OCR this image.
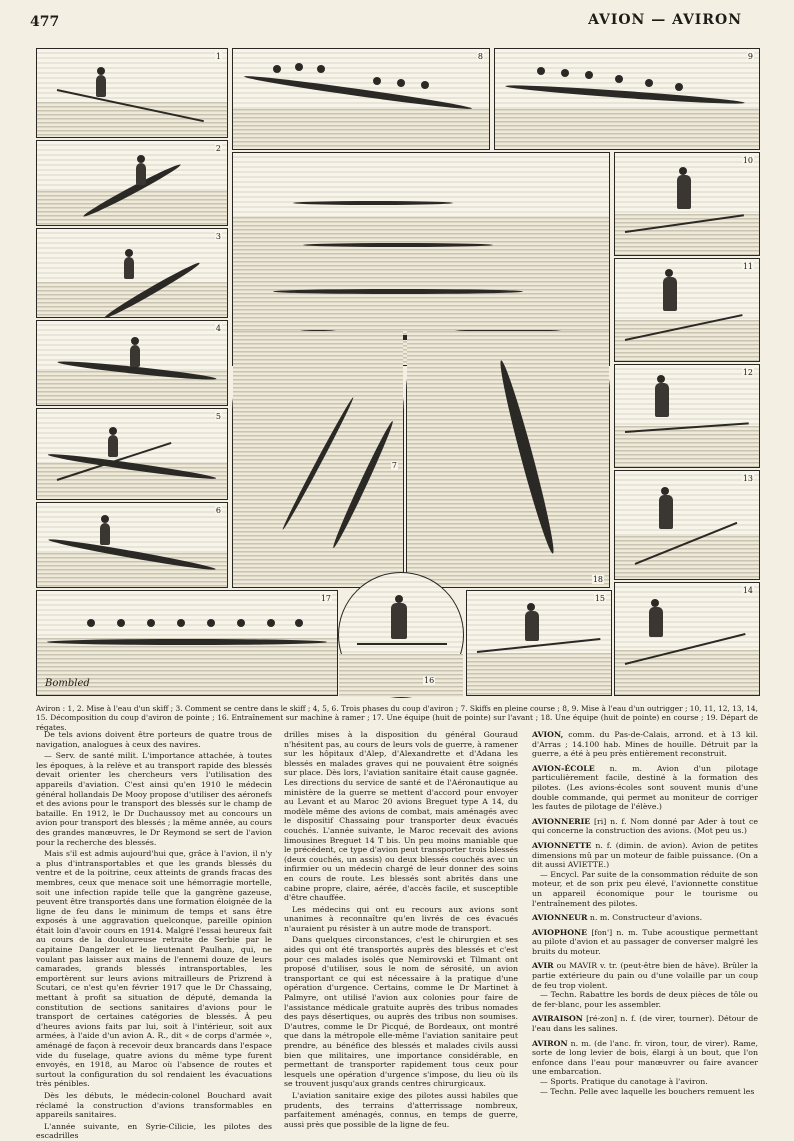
477	AVION — AVIRON
1
2
3
4
5
6
8	9
10
11
12
13
7
18
17
Bombled	16
15
14
Aviron : 1, 2. Mise à l'eau d'un skiff ; 3. Comment se centre dans le skiff ; 4, 5, 6. Trois phases du coup d'aviron ; 7. Skiffs en pleine course ; 8, 9. Mise à l'eau d'un outrigger ; 10, 11, 12, 13, 14, 15. Décomposition du coup d'aviron de pointe ; 16. Entraînement sur machine à ramer ; 17. Une équipe (huit de pointe) sur l'avant ; 18. Une équipe (huit de pointe) en course ; 19. Départ de régates.

De tels avions doivent être porteurs de quatre trous de navigation, analogues à ceux des navires.

— Serv. de santé milit. L'importance attachée, à toutes les époques, à la relève et au transport rapide des blessés devait orienter les chercheurs vers l'utilisation des appareils d'aviation. C'est ainsi qu'en 1910 le médecin général hollandais De Mooy propose d'utiliser des aéronefs et des avions pour le transport des blessés sur le champ de bataille. En 1912, le Dr Duchaussoy met au concours un avion pour transport des blessés ; la même année, au cours des grandes manœuvres, le Dr Reymond se sert de l'avion pour la recherche des blessés.

Mais s'il est admis aujourd'hui que, grâce à l'avion, il n'y a plus d'intransportables et que les grands blessés du ventre et de la poitrine, ceux atteints de grands fracas des membres, ceux que menace soit une hémorragie mortelle, soit une infection rapide telle que la gangrène gazeuse, peuvent être transportés dans une formation éloignée de la ligne de feu dans le minimum de temps et sans être exposés à une aggravation quelconque, pareille opinion était loin d'avoir cours en 1914. Malgré l'essai heureux fait au cours de la douloureuse retraite de Serbie par le capitaine Dangelzer et le lieutenant Paulhan, qui, ne voulant pas laisser aux mains de l'ennemi douze de leurs camarades, grands blessés intransportables, les emportèrent sur leurs avions mitrailleurs de Prizrend à Scutari, ce n'est qu'en février 1917 que le Dr Chassaing, mettant à profit sa situation de député, demanda la constitution de sections sanitaires d'avions pour le transport de certaines catégories de blessés. À peu d'heures avions faits par lui, soit à l'intérieur, soit aux armées, à l'aide d'un avion A. R., dit « de corps d'armée », aménagé de façon à recevoir deux brancards dans l'espace vide du fuselage, quatre avions du même type furent envoyés, en 1918, au Maroc où l'absence de routes et surtout la configuration du sol rendaient les évacuations très pénibles.

Dès les débuts, le médecin-colonel Bouchard avait réclamé la construction d'avions transformables en appareils sanitaires.

L'année suivante, en Syrie-Cilicie, les pilotes des escadrilles

drilles mises à la disposition du général Gouraud n'hésitent pas, au cours de leurs vols de guerre, à ramener sur les hôpitaux d'Alep, d'Alexandrette et d'Adana les blessés en malades graves qui ne pouvaient être soignés sur place. Dès lors, l'aviation sanitaire était cause gagnée. Les directions du service de santé et de l'Aéronautique au ministère de la guerre se mettent d'accord pour envoyer au Levant et au Maroc 20 avions Breguet type A 14, du modèle même des avions de combat, mais aménagés avec le dispositif Chassaing pour transporter deux évacués couchés. L'année suivante, le Maroc recevait des avions limousines Breguet 14 T bis. Un peu moins maniable que le précédent, ce type d'avion peut transporter trois blessés (deux couchés, un assis) ou deux blessés couchés avec un infirmier ou un médecin chargé de leur donner des soins en cours de route. Les blessés sont abrités dans une cabine propre, claire, aérée, d'accès facile, et susceptible d'être chauffée.

Les médecins qui ont eu recours aux avions sont unanimes à reconnaître qu'en livrés de ces évacués n'auraient pu résister à un autre mode de transport.

Dans quelques circonstances, c'est le chirurgien et ses aides qui ont été transportés auprès des blessés et c'est pour ces malades isolés que Nemirovski et Tilmant ont proposé d'utiliser, sous le nom de sérosité, un avion transportant ce qui est nécessaire à la pratique d'une opération d'urgence. Certains, comme le Dr Martinet à Palmyre, ont utilisé l'avion aux colonies pour faire de l'assistance médicale gratuite auprès des tribus nomades des pays désertiques, ou auprès des tribus non soumises. D'autres, comme le Dr Picqué, de Bordeaux, ont montré que dans la métropole elle-même l'aviation sanitaire peut prendre, au bénéfice des blessés et malades civils aussi bien que militaires, une importance considérable, en permettant de transporter rapidement tous ceux pour lesquels une opération d'urgence s'impose, du lieu où ils se trouvent jusqu'aux grands centres chirurgicaux.

L'aviation sanitaire exige des pilotes aussi habiles que prudents, des terrains d'atterrissage nombreux, parfaitement aménagés, connus, en temps de guerre, aussi près que possible de la ligne de feu.

AVION, comm. du Pas-de-Calais, arrond. et à 13 kil. d'Arras ; 14.100 hab. Mines de houille. Détruit par la guerre, a été à peu près entièrement reconstruit.
AVION-ÉCOLE n. m. Avion d'un pilotage particulièrement facile, destiné à la formation des pilotes. (Les avions-écoles sont souvent munis d'une double commande, qui permet au moniteur de corriger les fautes de pilotage de l'élève.)
AVIONNERIE [ri] n. f. Nom donné par Ader à tout ce qui concerne la construction des avions. (Mot peu us.)
AVIONNETTE n. f. (dimin. de avion). Avion de petites dimensions mû par un moteur de faible puissance. (On a dit aussi AVIETTE.)
— Encycl. Par suite de la consommation réduite de son moteur, et de son prix peu élevé, l'avionnette constitue un appareil économique pour le tourisme ou l'entraînement des pilotes.
AVIONNEUR n. m. Constructeur d'avions.
AVIOPHONE [fon'] n. m. Tube acoustique permettant au pilote d'avion et au passager de converser malgré les bruits du moteur.
AVIR ou MAVIR v. tr. (peut-être bien de hâve). Brûler la partie extérieure du pain ou d'une volaille par un coup de feu trop violent.
— Techn. Rabattre les bords de deux pièces de tôle ou de fer-blanc, pour les assembler.
AVIRAISON [ré-zon] n. f. (de virer, tourner). Détour de l'eau dans les salines.
AVIRON n. m. (de l'anc. fr. viron, tour, de virer). Rame, sorte de long levier de bois, élargi à un bout, que l'on enfonce dans l'eau pour manœuvrer ou faire avancer une embarcation.
— Sports. Pratique du canotage à l'aviron.
— Techn. Pelle avec laquelle les bouchers remuent les
